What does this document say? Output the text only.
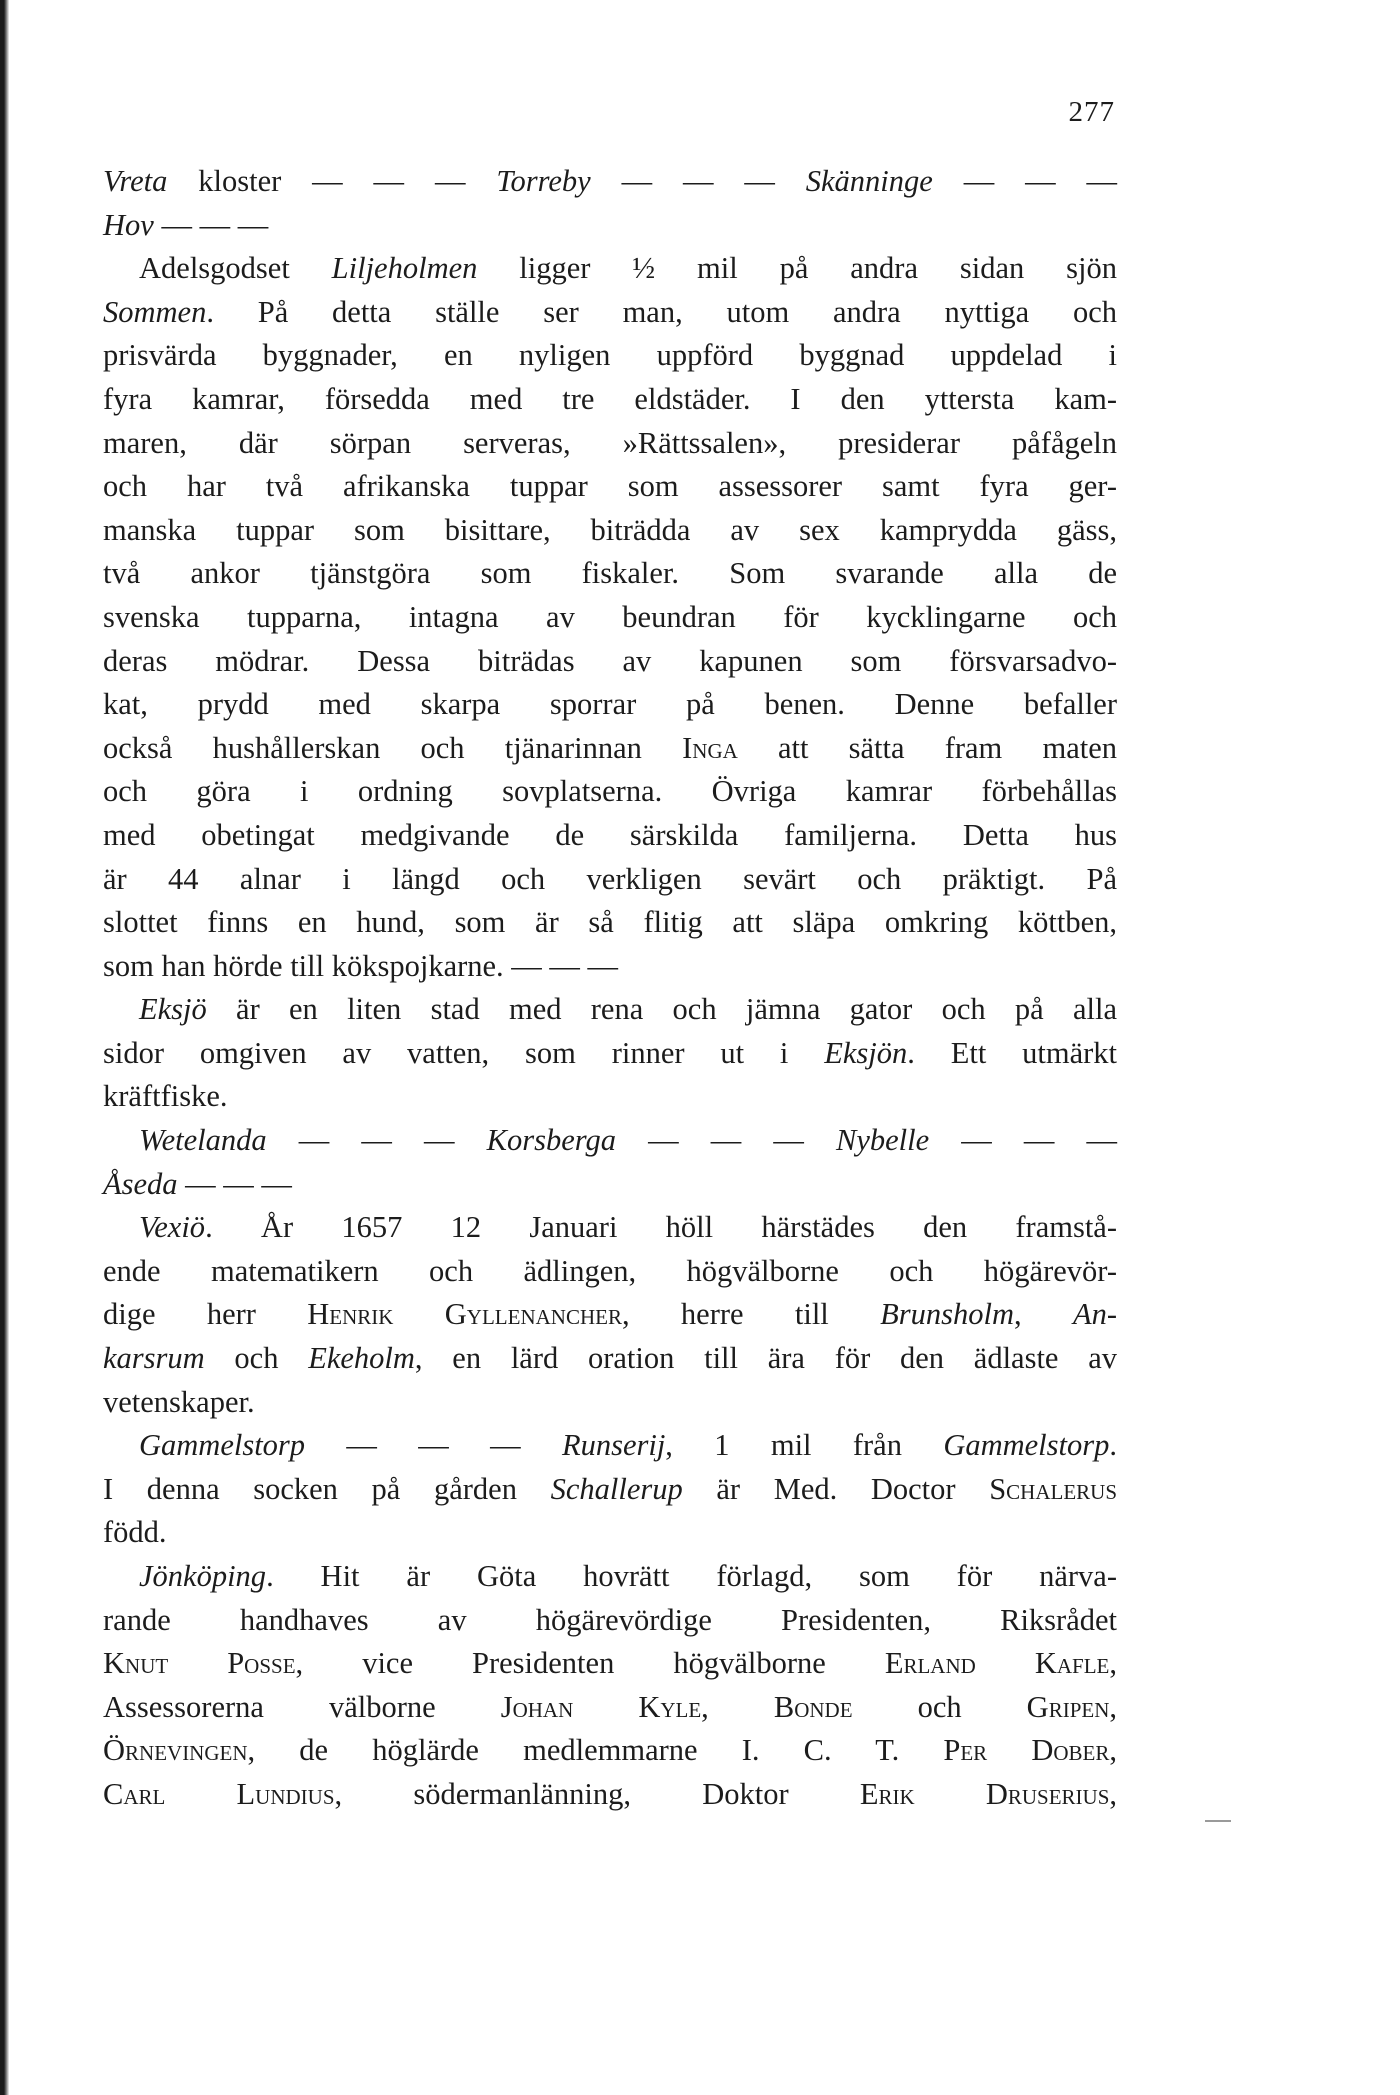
277

Vreta kloster — — — Torreby — — — Skänninge — — —
Hov — — —
Adelsgodset Liljeholmen ligger ½ mil på andra sidan sjön
Sommen. På detta ställe ser man, utom andra nyttiga och
prisvärda byggnader, en nyligen uppförd byggnad uppdelad i
fyra kamrar, försedda med tre eldstäder. I den yttersta kam-
maren, där sörpan serveras, »Rättssalen», presiderar påfågeln
och har två afrikanska tuppar som assessorer samt fyra ger-
manska tuppar som bisittare, biträdda av sex kamprydda gäss,
två ankor tjänstgöra som fiskaler. Som svarande alla de
svenska tupparna, intagna av beundran för kycklingarne och
deras mödrar. Dessa biträdas av kapunen som försvarsadvo-
kat, prydd med skarpa sporrar på benen. Denne befaller
också hushållerskan och tjänarinnan Inga att sätta fram maten
och göra i ordning sovplatserna. Övriga kamrar förbehållas
med obetingat medgivande de särskilda familjerna. Detta hus
är 44 alnar i längd och verkligen sevärt och präktigt. På
slottet finns en hund, som är så flitig att släpa omkring köttben,
som han hörde till kökspojkarne. — — —
Eksjö är en liten stad med rena och jämna gator och på alla
sidor omgiven av vatten, som rinner ut i Eksjön. Ett utmärkt
kräftfiske.
Wetelanda — — — Korsberga — — — Nybelle — — —
Åseda — — —
Vexiö. År 1657 12 Januari höll härstädes den framstå-
ende matematikern och ädlingen, högvälborne och högärevör-
dige herr Henrik Gyllenancher, herre till Brunsholm, An-
karsrum och Ekeholm, en lärd oration till ära för den ädlaste av
vetenskaper.
Gammelstorp — — — Runserij, 1 mil från Gammelstorp.
I denna socken på gården Schallerup är Med. Doctor Schalerus
född.
Jönköping. Hit är Göta hovrätt förlagd, som för närva-
rande handhaves av högärevördige Presidenten, Riksrådet
Knut Posse, vice Presidenten högvälborne Erland Kafle,
Assessorerna välborne Johan Kyle, Bonde och Gripen,
Örnevingen, de höglärde medlemmarne I. C. T. Per Dober,
Carl Lundius, södermanlänning, Doktor Erik Druserius,
